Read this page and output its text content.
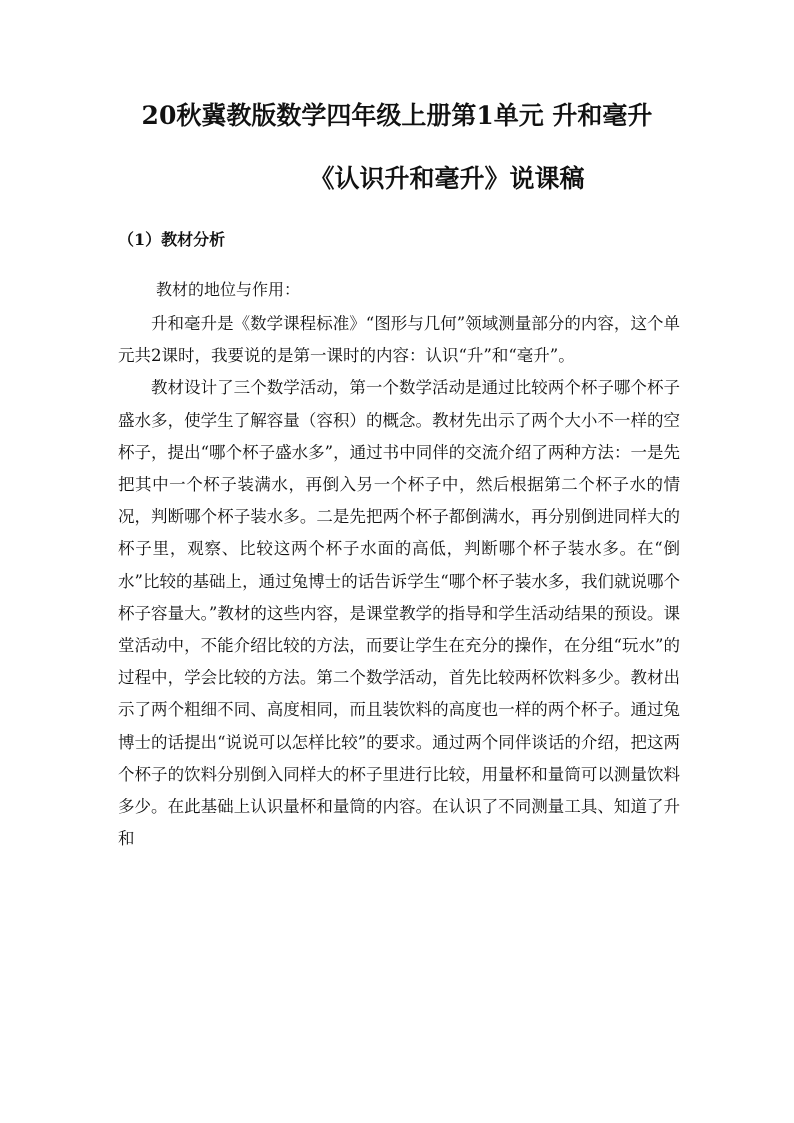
20秋冀教版数学四年级上册第1单元 升和毫升
《认识升和毫升》说课稿
（1）教材分析
教材的地位与作用：

升和毫升是《数学课程标准》“图形与几何”领域测量部分的内容，这个单元共2课时，我要说的是第一课时的内容：认识“升”和“毫升”。

教材设计了三个数学活动，第一个数学活动是通过比较两个杯子哪个杯子盛水多，使学生了解容量（容积）的概念。教材先出示了两个大小不一样的空杯子，提出“哪个杯子盛水多”，通过书中同伴的交流介绍了两种方法：一是先把其中一个杯子装满水，再倒入另一个杯子中，然后根据第二个杯子水的情况，判断哪个杯子装水多。二是先把两个杯子都倒满水，再分别倒进同样大的杯子里，观察、比较这两个杯子水面的高低，判断哪个杯子装水多。在“倒水”比较的基础上，通过兔博士的话告诉学生“哪个杯子装水多，我们就说哪个杯子容量大。”教材的这些内容，是课堂教学的指导和学生活动结果的预设。课堂活动中，不能介绍比较的方法，而要让学生在充分的操作，在分组“玩水”的过程中，学会比较的方法。第二个数学活动，首先比较两杯饮料多少。教材出示了两个粗细不同、高度相同，而且装饮料的高度也一样的两个杯子。通过兔博士的话提出“说说可以怎样比较”的要求。通过两个同伴谈话的介绍，把这两个杯子的饮料分别倒入同样大的杯子里进行比较，用量杯和量筒可以测量饮料多少。在此基础上认识量杯和量筒的内容。在认识了不同测量工具、知道了升和
